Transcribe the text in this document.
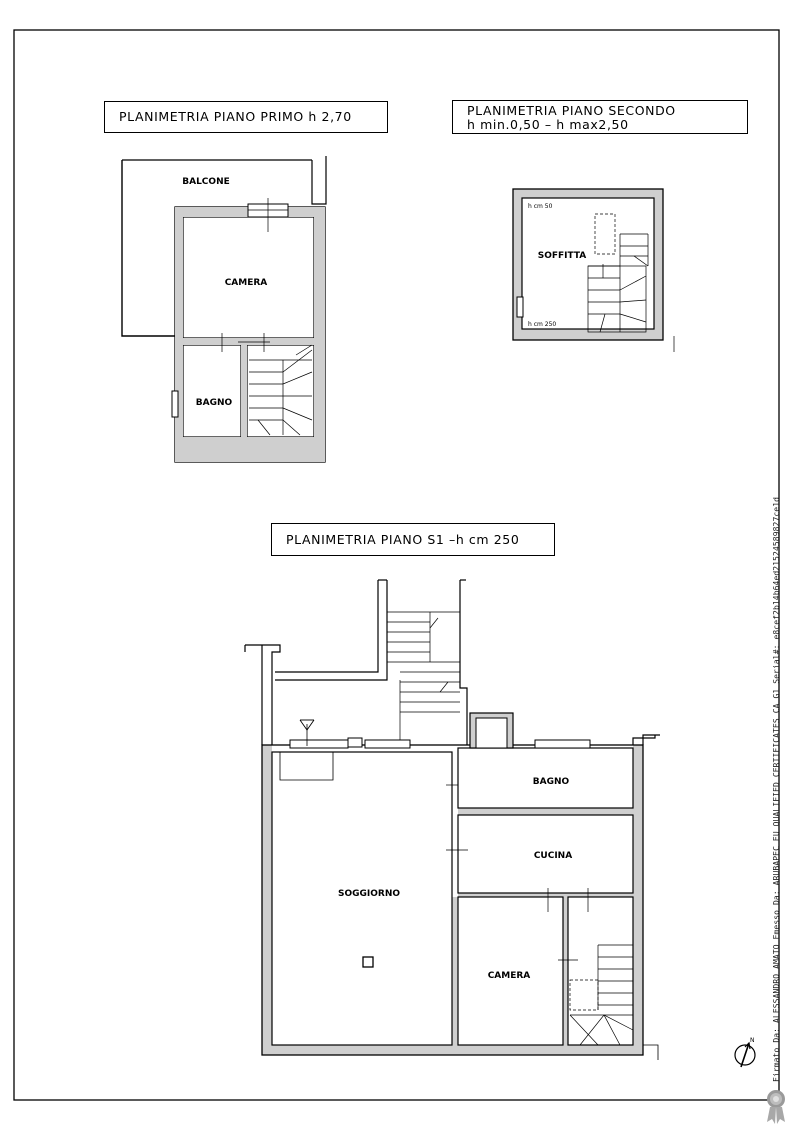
BALCONE
CAMERA
BAGNO
h cm 50
SOFFITTA
h cm 250
BAGNO
CUCINA
SOGGIORNO
CAMERA
N
PLANIMETRIA PIANO PRIMO h 2,70	PLANIMETRIA PIANO SECONDO
h min.0,50 – h max2,50
PLANIMETRIA PIANO S1 –h cm 250	Firmato Da: ALESSANDRO AMATO Emesso Da: ARUBAPEC EU QUALIFIED CERTIFICATES CA G1 Serial#: e8cef2b14b64ed21524589827ce1d
